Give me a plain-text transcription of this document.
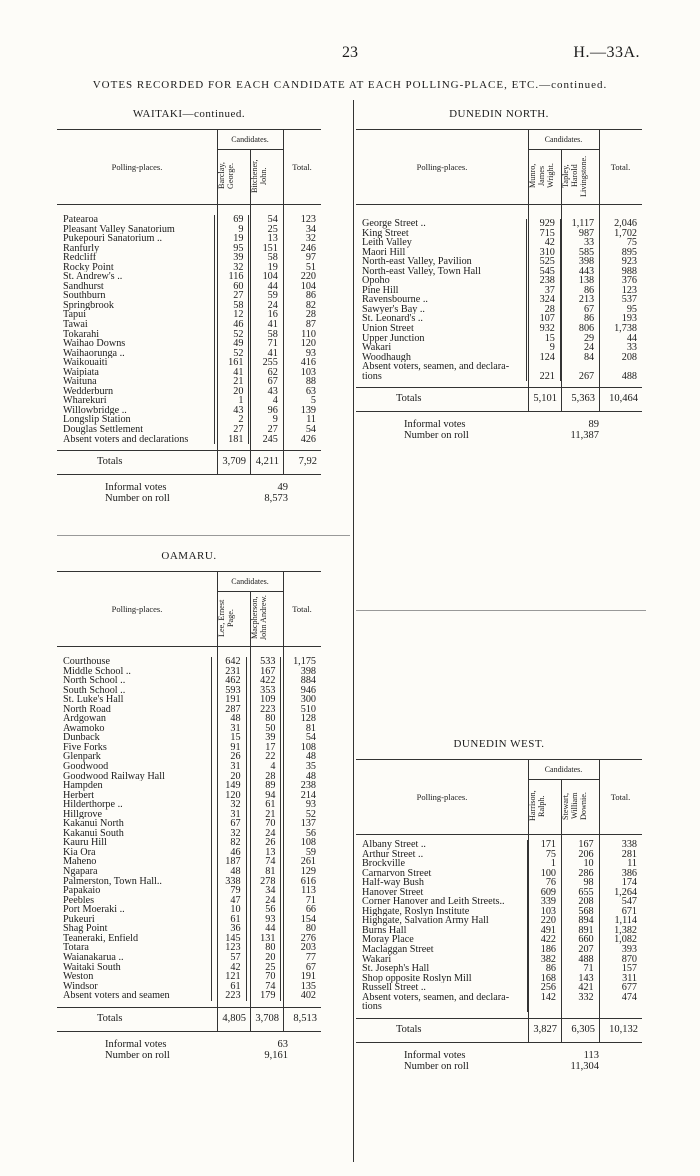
23	H.—33A.
VOTES RECORDED FOR EACH CANDIDATE AT EACH POLLING-PLACE, ETC.—continued.
WAITAKI—continued.
Candidates.
Polling-places.	Total.
Barclay, George.	Bitchener, John.
Patearoa	69	54	123
Pleasant Valley Sanatorium	9	25	34
Pukepouri Sanatorium ..	19	13	32
Ranfurly	95	151	246
Redcliff	39	58	97
Rocky Point	32	19	51
St. Andrew's ..	116	104	220
Sandhurst	60	44	104
Southburn	27	59	86
Springbrook	58	24	82
Tapui	12	16	28
Tawai	46	41	87
Tokarahi	52	58	110
Waihao Downs	49	71	120
Waihaorunga ..	52	41	93
Waikouaiti	161	255	416
Waipiata	41	62	103
Waituna	21	67	88
Wedderburn	20	43	63
Wharekuri	1	4	5
Willowbridge ..	43	96	139
Longslip Station	2	9	11
Douglas Settlement	27	27	54
Absent voters and declarations	181	245	426
Totals	3,709 4,211	7,92
Informal votes	49
Number on roll	8,573
OAMARU.
Candidates.
Polling-places.	Total.
Lee, Ernest Page.	Macpherson, John Andrew.
Courthouse	642	533	1,175
Middle School ..	231	167	398
North School ..	462	422	884
South School ..	593	353	946
St. Luke's Hall	191	109	300
North Road	287	223	510
Ardgowan	48	80	128
Awamoko	31	50	81
Dunback	15	39	54
Five Forks	91	17	108
Glenpark	26	22	48
Goodwood	31	4	35
Goodwood Railway Hall	20	28	48
Hampden	149	89	238
Herbert	120	94	214
Hilderthorpe ..	32	61	93
Hillgrove	31	21	52
Kakanui North	67	70	137
Kakanui South	32	24	56
Kauru Hill	82	26	108
Kia Ora	46	13	59
Maheno	187	74	261
Ngapara	48	81	129
Palmerston, Town Hall..	338	278	616
Papakaio	79	34	113
Peebles	47	24	71
Port Moeraki ..	10	56	66
Pukeuri	61	93	154
Shag Point	36	44	80
Teaneraki, Enfield	145	131	276
Totara	123	80	203
Waianakarua ..	57	20	77
Waitaki South	42	25	67
Weston	121	70	191
Windsor	61	74	135
Absent voters and seamen	223	179	402
Totals	4,805 3,708	8,513
Informal votes	63
Number on roll	9,161
DUNEDIN NORTH.
Candidates.
Polling-places.	Total.
Munro, James Wright. Tapley, Harold Livingstone.
George Street ..	929	1,117	2,046
King Street	715	987	1,702
Leith Valley	42	33	75
Maori Hill	310	585	895
North-east Valley, Pavilion	525	398	923
North-east Valley, Town Hall	545	443	988
Opoho	238	138	376
Pine Hill	37	86	123
Ravensbourne ..	324	213	537
Sawyer's Bay ..	28	67	95
St. Leonard's ..	107	86	193
Union Street	932	806	1,738
Upper Junction	15	29	44
Wakari	9	24	33
Woodhaugh	124	84	208
Absent voters, seamen, and declara-			
tions	221	267	488
Totals	5,101	5,363	10,464
Informal votes	89
Number on roll	11,387
DUNEDIN WEST.
Candidates.
Polling-places.	Total.
Harrison, Ralph.	Stewart, William Downie.
Albany Street ..	171	167	338
Arthur Street ..	75	206	281
Brockville	1	10	11
Carnarvon Street	100	286	386
Half-way Bush	76	98	174
Hanover Street	609	655	1,264
Corner Hanover and Leith Streets..	339	208	547
Highgate, Roslyn Institute	103	568	671
Highgate, Salvation Army Hall	220	894	1,114
Burns Hall	491	891	1,382
Moray Place	422	660	1,082
Maclaggan Street	186	207	393
Wakari	382	488	870
St. Joseph's Hall	86	71	157
Shop opposite Roslyn Mill	168	143	311
Russell Street ..	256	421	677
Absent voters, seamen, and declara-	142	332	474
tions			
Totals	3,827	6,305	10,132
Informal votes	113
Number on roll	11,304
